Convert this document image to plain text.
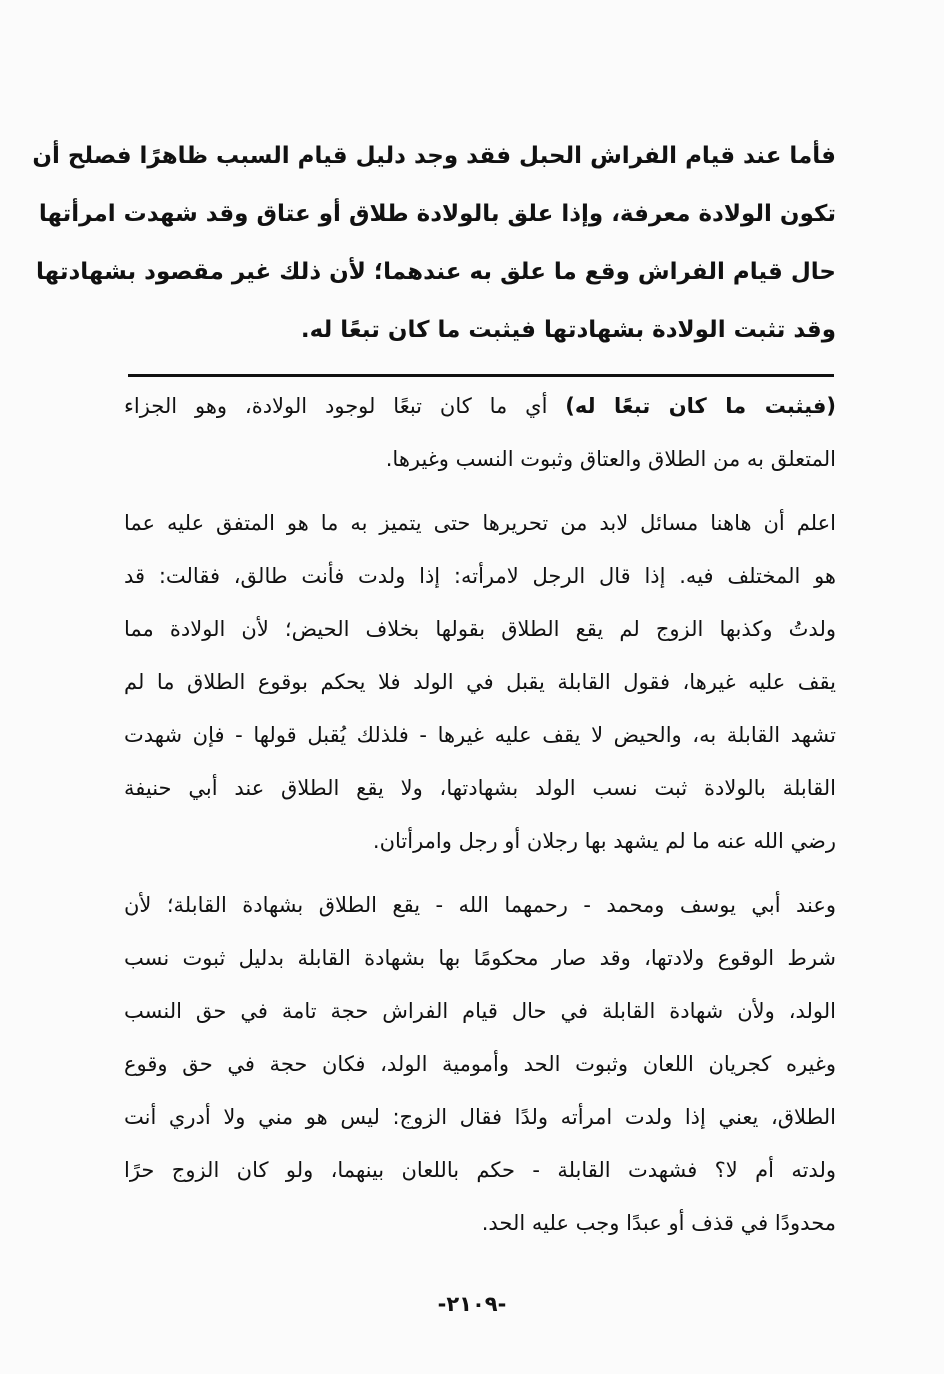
فأما عند قيام الفراش الحبل فقد وجد دليل قيام السبب ظاهرًا فصلح أن
تكون الولادة معرفة، وإذا علق بالولادة طلاق أو عتاق وقد شهدت امرأتها
حال قيام الفراش وقع ما علق به عندهما؛ لأن ذلك غير مقصود بشهادتها
وقد تثبت الولادة بشهادتها فيثبت ما كان تبعًا له.
(فيثبت ما كان تبعًا له) أي ما كان تبعًا لوجود الولادة، وهو الجزاء
المتعلق به من الطلاق والعتاق وثبوت النسب وغيرها.
اعلم أن هاهنا مسائل لابد من تحريرها حتى يتميز به ما هو المتفق عليه عما
هو المختلف فيه. إذا قال الرجل لامرأته: إذا ولدت فأنت طالق، فقالت: قد
ولدتُ وكذبها الزوج لم يقع الطلاق بقولها بخلاف الحيض؛ لأن الولادة مما
يقف عليه غيرها، فقول القابلة يقبل في الولد فلا يحكم بوقوع الطلاق ما لم
تشهد القابلة به، والحيض لا يقف عليه غيرها - فلذلك يُقبل قولها - فإن شهدت
القابلة بالولادة ثبت نسب الولد بشهادتها، ولا يقع الطلاق عند أبي حنيفة
رضي الله عنه ما لم يشهد بها رجلان أو رجل وامرأتان.
وعند أبي يوسف ومحمد - رحمهما الله - يقع الطلاق بشهادة القابلة؛ لأن
شرط الوقوع ولادتها، وقد صار محكومًا بها بشهادة القابلة بدليل ثبوت نسب
الولد، ولأن شهادة القابلة في حال قيام الفراش حجة تامة في حق النسب
وغيره كجريان اللعان وثبوت الحد وأمومية الولد، فكان حجة في حق وقوع
الطلاق، يعني إذا ولدت امرأته ولدًا فقال الزوج: ليس هو مني ولا أدري أنت
ولدته أم لا؟ فشهدت القابلة - حكم باللعان بينهما، ولو كان الزوج حرًا
محدودًا في قذف أو عبدًا وجب عليه الحد.
-٢١٠٩-
